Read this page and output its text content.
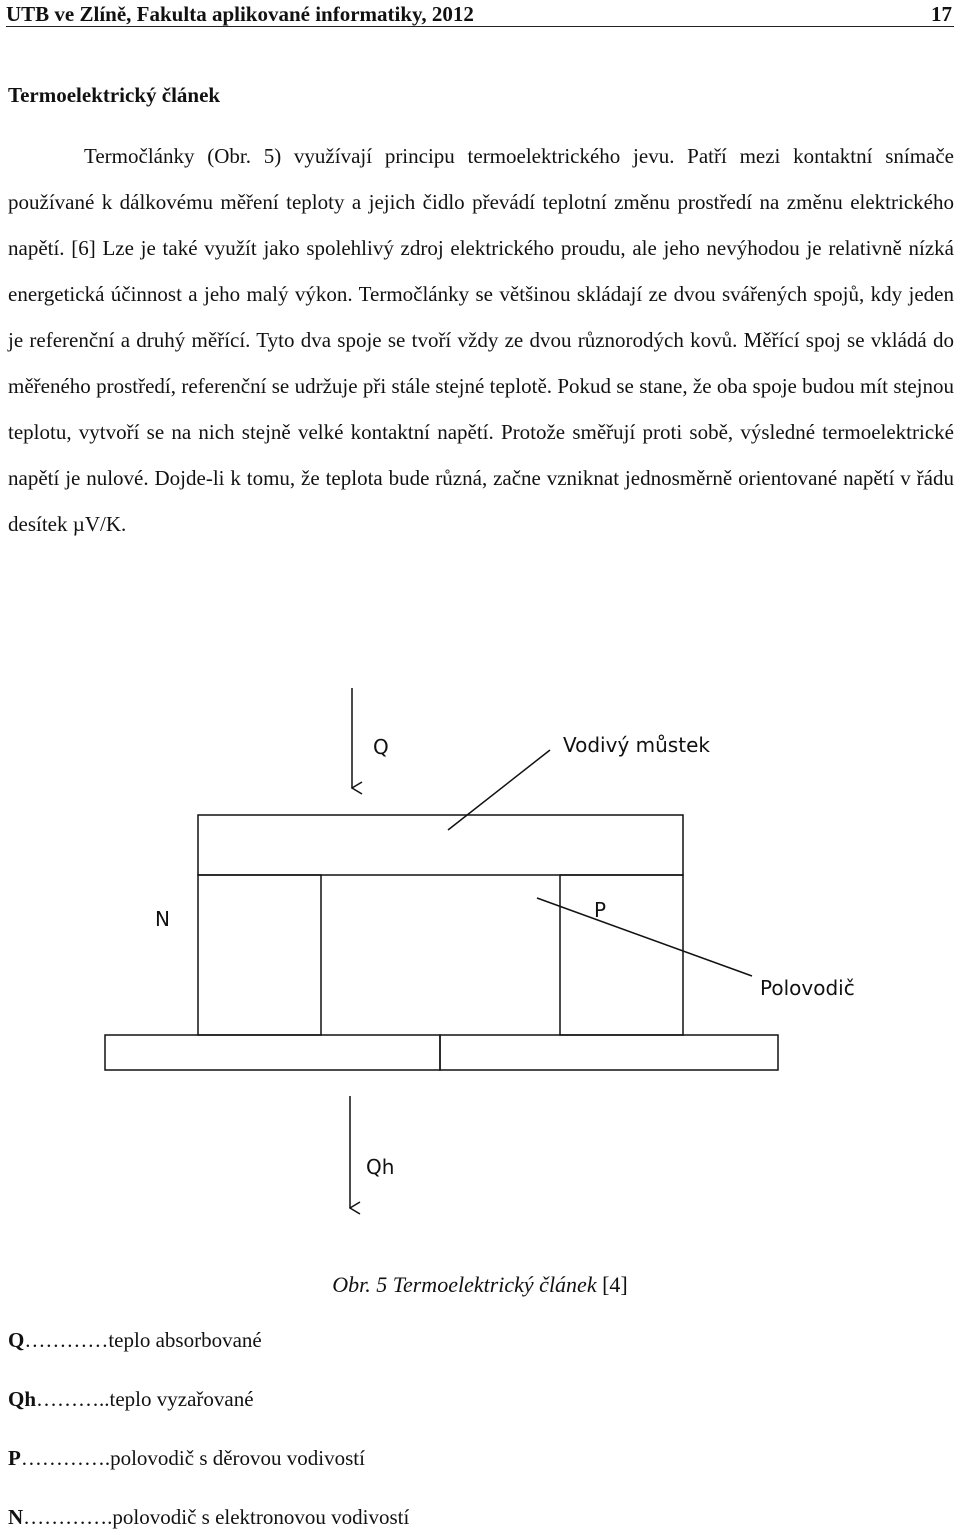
UTB ve Zlíně, Fakulta aplikované informatiky, 2012	17
Termoelektrický článek

Termočlánky (Obr. 5) využívají principu termoelektrického jevu. Patří mezi kontaktní snímače používané k dálkovému měření teploty a jejich čidlo převádí teplotní změnu prostředí na změnu elektrického napětí. [6] Lze je také využít jako spolehlivý zdroj elektrického proudu, ale jeho nevýhodou je relativně nízká energetická účinnost a jeho malý výkon. Termočlánky se většinou skládají ze dvou svářených spojů, kdy jeden je referenční a druhý měřící. Tyto dva spoje se tvoří vždy ze dvou různorodých kovů. Měřící spoj se vkládá do měřeného prostředí, referenční se udržuje při stále stejné teplotě. Pokud se stane, že oba spoje budou mít stejnou teplotu, vytvoří se na nich stejně velké kontaktní napětí. Protože směřují proti sobě, výsledné termoelektrické napětí je nulové. Dojde-li k tomu, že teplota bude různá, začne vzniknat jednosměrně orientované napětí v řádu desítek µV/K.

Q	Vodivý můstek
N	P
Polovodič
Qh
Obr. 5 Termoelektrický článek [4]
Q…………teplo absorbované
Qh………..teplo vyzařované
P………….polovodič s děrovou vodivostí
N………….polovodič s elektronovou vodivostí
